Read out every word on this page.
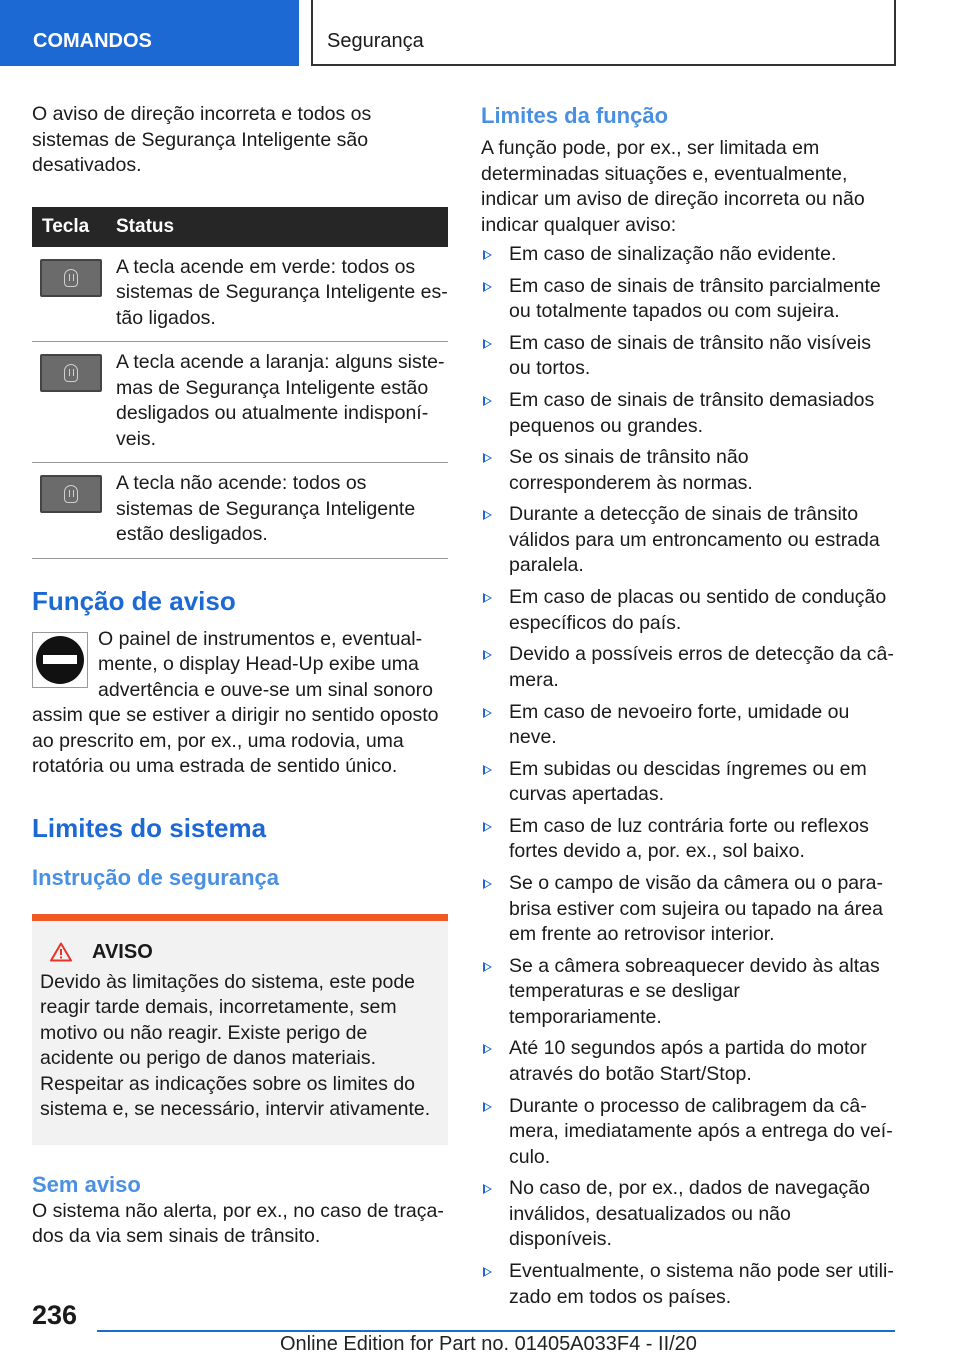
COMANDOS	Segurança

O aviso de direção incorreta e todos os sistemas de Segurança Inteligente são desativados.

Tecla	Status

	A tecla acende em verde: todos os sistemas de Segurança Inteligente estão ligados.

	A tecla acende a laranja: alguns sistemas de Segurança Inteligente estão desligados ou atualmente indisponíveis.

	A tecla não acende: todos os sistemas de Segurança Inteligente estão desligados.
Função de aviso

O painel de instrumentos e, eventualmente, o display Head-Up exibe uma advertência e ouve-se um sinal sonoro assim que se estiver a dirigir no sentido oposto ao prescrito em, por ex., uma rodovia, uma rotatória ou uma estrada de sentido único.

Limites do sistema
Instrução de segurança
AVISO

Devido às limitações do sistema, este pode reagir tarde demais, incorretamente, sem motivo ou não reagir. Existe perigo de acidente ou perigo de danos materiais. Respeitar as indicações sobre os limites do sistema e, se necessário, intervir ativamente.

Sem aviso

O sistema não alerta, por ex., no caso de traçados da via sem sinais de trânsito.

Limites da função

A função pode, por ex., ser limitada em determinadas situações e, eventualmente, indicar um aviso de direção incorreta ou não indicar qualquer aviso:

Em caso de sinalização não evidente.
Em caso de sinais de trânsito parcialmente ou totalmente tapados ou com sujeira.
Em caso de sinais de trânsito não visíveis ou tortos.
Em caso de sinais de trânsito demasiados pequenos ou grandes.
Se os sinais de trânsito não corresponderem às normas.
Durante a detecção de sinais de trânsito válidos para um entroncamento ou estrada paralela.
Em caso de placas ou sentido de condução específicos do país.
Devido a possíveis erros de detecção da câmera.
Em caso de nevoeiro forte, umidade ou neve.
Em subidas ou descidas íngremes ou em curvas apertadas.
Em caso de luz contrária forte ou reflexos fortes devido a, por. ex., sol baixo.
Se o campo de visão da câmera ou o para-brisa estiver com sujeira ou tapado na área em frente ao retrovisor interior.
Se a câmera sobreaquecer devido às altas temperaturas e se desligar temporariamente.
Até 10 segundos após a partida do motor através do botão Start/Stop.
Durante o processo de calibragem da câmera, imediatamente após a entrega do veículo.
No caso de, por ex., dados de navegação inválidos, desatualizados ou não disponíveis.
Eventualmente, o sistema não pode ser utilizado em todos os países.
236
Online Edition for Part no. 01405A033F4 - II/20
